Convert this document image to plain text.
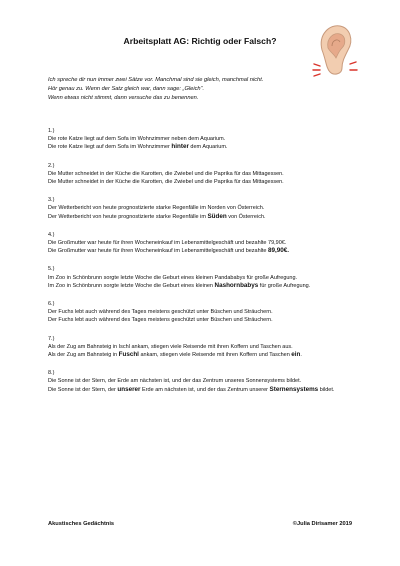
Arbeitsplatt AG: Richtig oder Falsch?
Ich spreche dir nun immer zwei Sätze vor. Manchmal sind sie gleich, manchmal nicht.
Hör genau zu. Wenn der Satz gleich war, dann sage: „Gleich“.
Wenn etwas nicht stimmt, dann versuche das zu benennen.
1.)
Die rote Katze liegt auf dem Sofa im Wohnzimmer neben dem Aquarium.
Die rote Katze liegt auf dem Sofa im Wohnzimmer hinter dem Aquarium.
2.)
Die Mutter schneidet in der Küche die Karotten, die Zwiebel und die Paprika für das Mittagessen.
Die Mutter schneidet in der Küche die Karotten, die Zwiebel und die Paprika für das Mittagessen.
3.)
Der Wetterbericht von heute prognostizierte starke Regenfälle im Norden von Österreich.
Der Wetterbericht von heute prognostizierte starke Regenfälle im Süden von Österreich.
4.)
Die Großmutter war heute für ihren Wocheneinkauf im Lebensmittelgeschäft und bezahlte 79,90€.
Die Großmutter war heute für ihren Wocheneinkauf im Lebensmittelgeschäft und bezahlte 89,90€.
5.)
Im Zoo in Schönbrunn sorgte letzte Woche die Geburt eines kleinen Pandababys für große Aufregung.
Im Zoo in Schönbrunn sorgte letzte Woche die Geburt eines kleinen Nashornbabys für große Aufregung.
6.)
Der Fuchs lebt auch während des Tages meistens geschützt unter Büschen und Sträuchern.
Der Fuchs lebt auch während des Tages meistens geschützt unter Büschen und Sträuchern.
7.)
Als der Zug am Bahnsteig in Ischl ankam, stiegen viele Reisende mit ihren Koffern und Taschen aus.
Als der Zug am Bahnsteig in Fuschl ankam, stiegen viele Reisende mit ihren Koffern und Taschen ein.
8.)
Die Sonne ist der Stern, der Erde am nächsten ist, und der das Zentrum unseres Sonnensystems bildet.
Die Sonne ist der Stern, der unserer Erde am nächsten ist, und der das Zentrum unserer Sternensystems bildet.
Akustisches Gedächtnis	©Julia Dirisamer 2019
